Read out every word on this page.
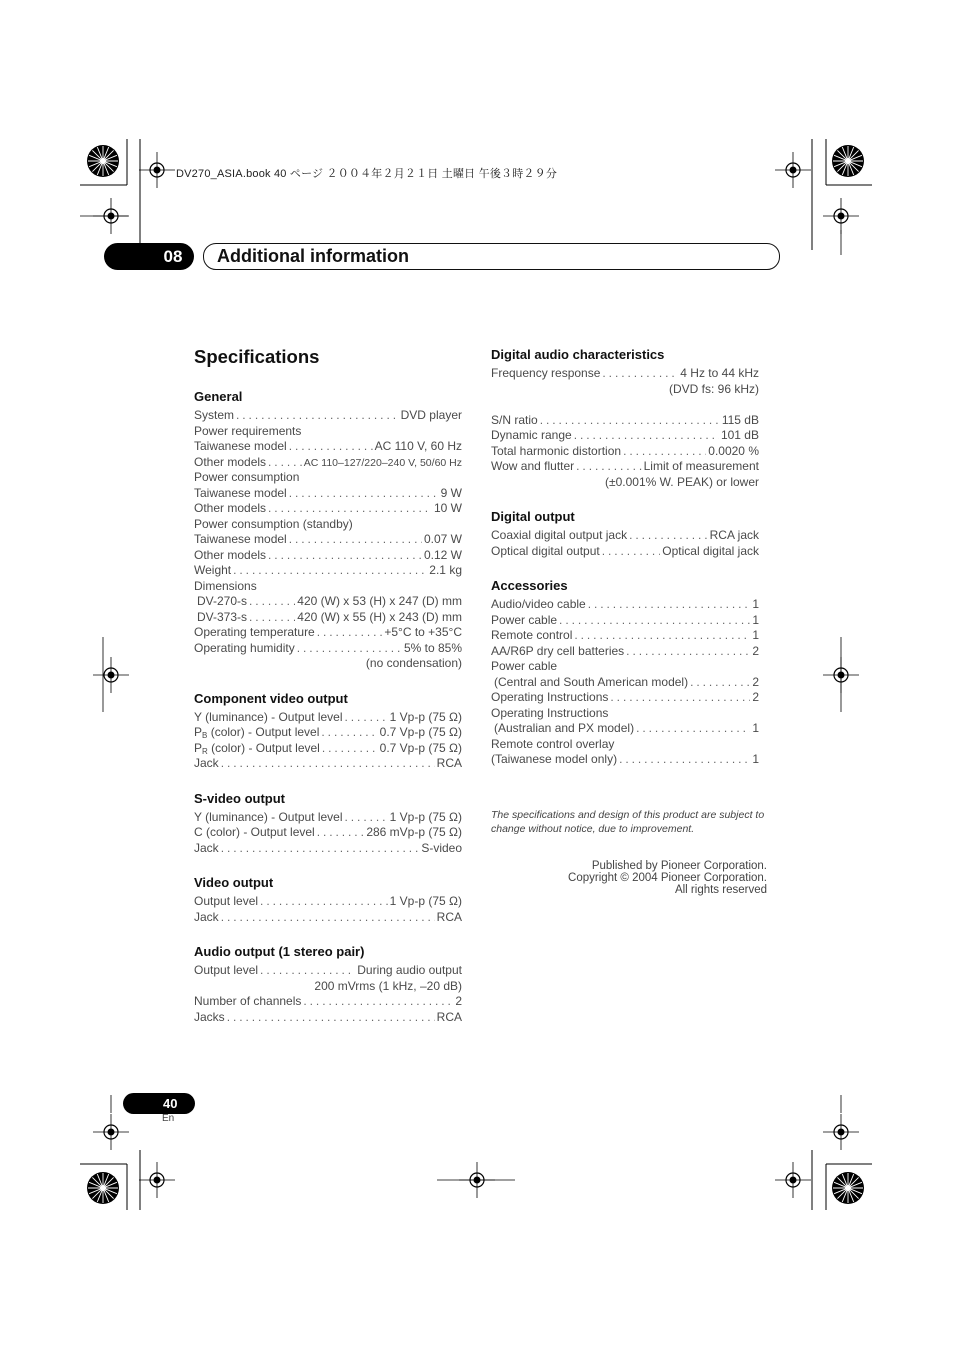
DV270_ASIA.book 40 ページ ２００４年２月２１日 土曜日 午後３時２９分
08	Additional information
Specifications
General
System . . .	DVD player
Power requirements
Taiwanese model . . .	AC 110 V, 60 Hz
Other models . . .	AC 110–127/220–240 V, 50/60 Hz
Power consumption
Taiwanese model . . .	9 W
Other models . . .	10 W
Power consumption (standby)
Taiwanese model . . .	0.07 W
Other models . . .	0.12 W
Weight . . .	2.1 kg
Dimensions
DV-270-s . . .	420 (W) x 53 (H) x 247 (D) mm
DV-373-s . . .	420 (W) x 55 (H) x 243 (D) mm
Operating temperature . . .	+5°C to +35°C
Operating humidity . . .	5% to 85%
(no condensation)
Component video output
Y (luminance) - Output level . . .	1 Vp-p (75 Ω)
$P_B$ (color) - Output level . . .	0.7 Vp-p (75 Ω)
$P_R$ (color) - Output level . . .	0.7 Vp-p (75 Ω)
Jack . . .	RCA
S-video output
Y (luminance) - Output level . . .	1 Vp-p (75 Ω)
C (color) - Output level . . .	286 mVp-p (75 Ω)
Jack . . .	S-video
Video output
Output level . . .	1 Vp-p (75 Ω)
Jack . . .	RCA
Audio output (1 stereo pair)
Output level . . .	During audio output
200 mVrms (1 kHz, –20 dB)
Number of channels . . .	2
Jacks . . .	RCA
Digital audio characteristics
Frequency response . . .	4 Hz to 44 kHz
(DVD fs: 96 kHz)
S/N ratio . . .	115 dB
Dynamic range . . .	101 dB
Total harmonic distortion . . .	0.0020 %
Wow and flutter . . .	Limit of measurement
(±0.001% W. PEAK) or lower
Digital output
Coaxial digital output jack . . .	RCA jack
Optical digital output . . .	Optical digital jack
Accessories
Audio/video cable . . .	1
Power cable . . .	1
Remote control . . .	1
AA/R6P dry cell batteries . . .	2
Power cable
(Central and South American model) . . .	2
Operating Instructions . . .	2
Operating Instructions
(Australian and PX model) . . .	1
Remote control overlay
(Taiwanese model only) . . .	1
The specifications and design of this product are subject to change without notice, due to improvement.
Published by Pioneer Corporation.
Copyright © 2004 Pioneer Corporation.
All rights reserved
40
En
